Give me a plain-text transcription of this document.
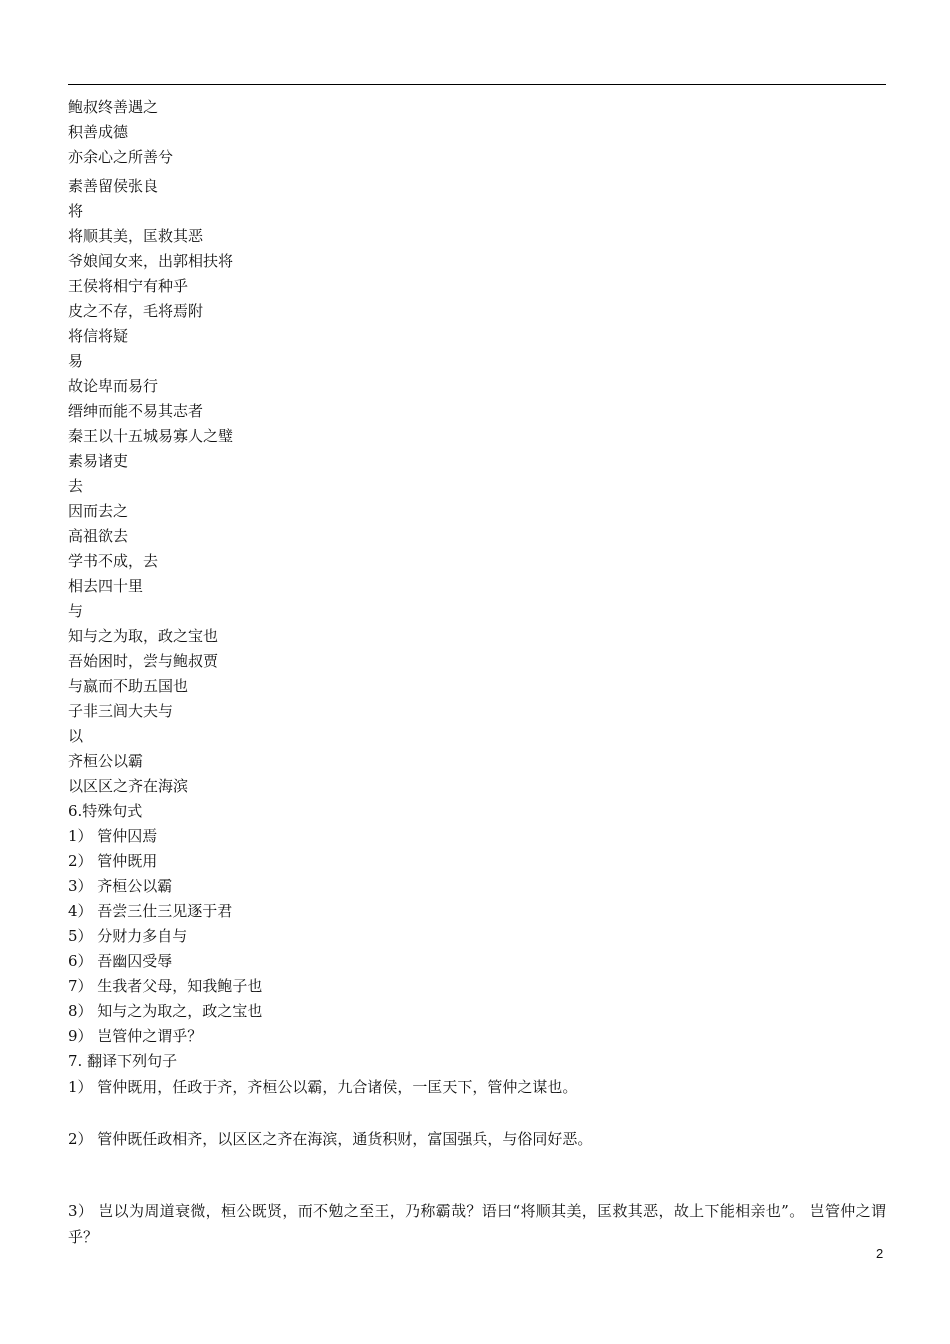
鲍叔终善遇之
积善成德
亦余心之所善兮
素善留侯张良
将
将顺其美，匡救其恶
爷娘闻女来，出郭相扶将
王侯将相宁有种乎
皮之不存，毛将焉附
将信将疑
易
故论卑而易行
缙绅而能不易其志者
秦王以十五城易寡人之璧
素易诸吏
去
因而去之
高祖欲去
学书不成，去
相去四十里
与
知与之为取，政之宝也
吾始困时，尝与鲍叔贾
与嬴而不助五国也
子非三闾大夫与
以
齐桓公以霸
以区区之齐在海滨
6.特殊句式
1） 管仲囚焉
2） 管仲既用
3） 齐桓公以霸
4） 吾尝三仕三见逐于君
5） 分财力多自与
6） 吾幽囚受辱
7） 生我者父母，知我鲍子也
8） 知与之为取之，政之宝也
9） 岂管仲之谓乎？
7. 翻译下列句子
1） 管仲既用，任政于齐，齐桓公以霸，九合诸侯，一匡天下，管仲之谋也。
2） 管仲既任政相齐，以区区之齐在海滨，通货积财，富国强兵，与俗同好恶。
3） 岂以为周道衰微，桓公既贤，而不勉之至王，乃称霸哉？语曰“将顺其美，匡救其恶，故上下能相亲也”。 岂管仲之谓乎？
2
